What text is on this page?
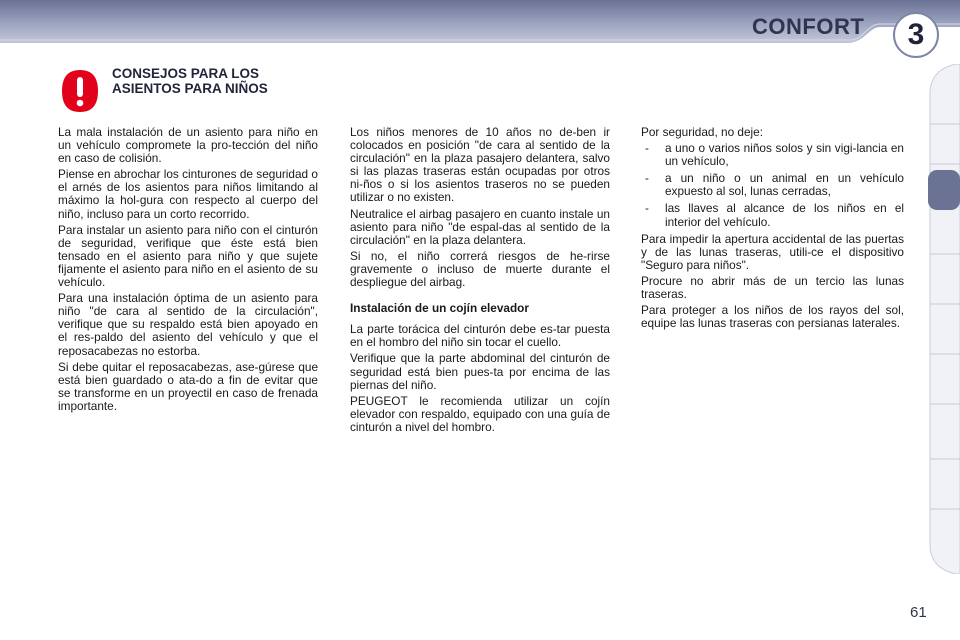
CONFORT	3
CONSEJOS PARA LOS
ASIENTOS PARA NIÑOS

La mala instalación de un asiento para niño en un vehículo compromete la pro-tección del niño en caso de colisión.

Piense en abrochar los cinturones de seguridad o el arnés de los asientos para niños limitando al máximo la hol-gura con respecto al cuerpo del niño, incluso para un corto recorrido.

Para instalar un asiento para niño con el cinturón de seguridad, verifique que éste está bien tensado en el asiento para niño y que sujete fijamente el asiento para niño en el asiento de su vehículo.

Para una instalación óptima de un asiento para niño "de cara al sentido de la circulación", verifique que su respaldo está bien apoyado en el res-paldo del asiento del vehículo y que el reposacabezas no estorba.

Si debe quitar el reposacabezas, ase-gúrese que está bien guardado o ata-do a fin de evitar que se transforme en un proyectil en caso de frenada importante.

Los niños menores de 10 años no de-ben ir colocados en posición "de cara al sentido de la circulación" en la plaza pasajero delantera, salvo si las plazas traseras están ocupadas por otros ni-ños o si los asientos traseros no se pueden utilizar o no existen.

Neutralice el airbag pasajero en cuanto instale un asiento para niño "de espal-das al sentido de la circulación" en la plaza delantera.

Si no, el niño correrá riesgos de he-rirse gravemente o incluso de muerte durante el despliegue del airbag.

Instalación de un cojín elevador

La parte torácica del cinturón debe es-tar puesta en el hombro del niño sin tocar el cuello.

Verifique que la parte abdominal del cinturón de seguridad está bien pues-ta por encima de las piernas del niño.

PEUGEOT le recomienda utilizar un cojín elevador con respaldo, equipado con una guía de cinturón a nivel del hombro.

Por seguridad, no deje:

- a uno o varios niños solos y sin vigi-lancia en un vehículo,
- a un niño o un animal en un vehículo expuesto al sol, lunas cerradas,
- las llaves al alcance de los niños en el interior del vehículo.

Para impedir la apertura accidental de las puertas y de las lunas traseras, utili-ce el dispositivo "Seguro para niños".

Procure no abrir más de un tercio las lunas traseras.

Para proteger a los niños de los rayos del sol, equipe las lunas traseras con persianas laterales.

61
